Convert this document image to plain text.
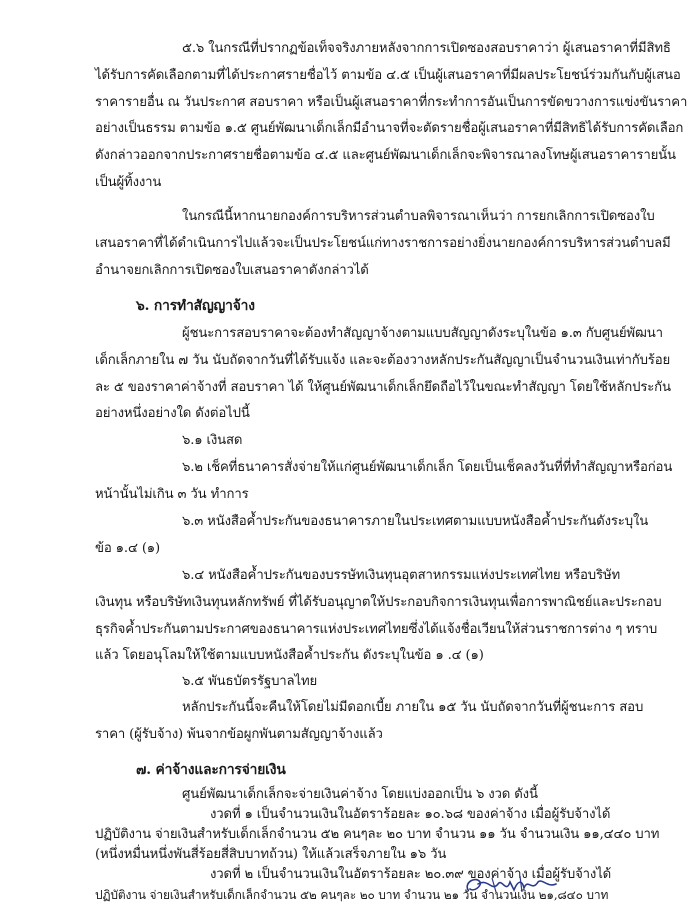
๕.๖ ในกรณีที่ปรากฏข้อเท็จจริงภายหลังจากการเปิดซองสอบราคาว่า ผู้เสนอราคาที่มีสิทธิ
ได้รับการคัดเลือกตามที่ได้ประกาศรายชื่อไว้ ตามข้อ ๔.๕ เป็นผู้เสนอราคาที่มีผลประโยชน์ร่วมกันกับผู้เสนอ
ราคารายอื่น ณ วันประกาศ สอบราคา หรือเป็นผู้เสนอราคาที่กระทำการอันเป็นการขัดขวางการแข่งขันราคา
อย่างเป็นธรรม ตามข้อ ๑.๕ ศูนย์พัฒนาเด็กเล็กมีอำนาจที่จะตัดรายชื่อผู้เสนอราคาที่มีสิทธิได้รับการคัดเลือก
ดังกล่าวออกจากประกาศรายชื่อตามข้อ ๔.๕ และศูนย์พัฒนาเด็กเล็กจะพิจารณาลงโทษผู้เสนอราคารายนั้น
เป็นผู้ทิ้งงาน
ในกรณีนี้หากนายกองค์การบริหารส่วนตำบลพิจารณาเห็นว่า การยกเลิกการเปิดซองใบ
เสนอราคาที่ได้ดำเนินการไปแล้วจะเป็นประโยชน์แก่ทางราชการอย่างยิ่งนายกองค์การบริหารส่วนตำบลมี
อำนาจยกเลิกการเปิดซองใบเสนอราคาดังกล่าวได้
๖. การทำสัญญาจ้าง
ผู้ชนะการสอบราคาจะต้องทำสัญญาจ้างตามแบบสัญญาดังระบุในข้อ ๑.๓ กับศูนย์พัฒนา
เด็กเล็กภายใน ๗ วัน นับถัดจากวันที่ได้รับแจ้ง และจะต้องวางหลักประกันสัญญาเป็นจำนวนเงินเท่ากับร้อย
ละ ๕ ของราคาค่าจ้างที่ สอบราคา ได้ ให้ศูนย์พัฒนาเด็กเล็กยึดถือไว้ในขณะทำสัญญา โดยใช้หลักประกัน
อย่างหนึ่งอย่างใด ดังต่อไปนี้
๖.๑ เงินสด
๖.๒ เช็คที่ธนาคารสั่งจ่ายให้แก่ศูนย์พัฒนาเด็กเล็ก โดยเป็นเช็คลงวันที่ที่ทำสัญญาหรือก่อน
หน้านั้นไม่เกิน ๓ วัน ทำการ
๖.๓ หนังสือค้ำประกันของธนาคารภายในประเทศตามแบบหนังสือค้ำประกันดังระบุใน
ข้อ ๑.๔ (๑)
๖.๔ หนังสือค้ำประกันของบรรษัทเงินทุนอุตสาหกรรมแห่งประเทศไทย หรือบริษัท
เงินทุน หรือบริษัทเงินทุนหลักทรัพย์ ที่ได้รับอนุญาตให้ประกอบกิจการเงินทุนเพื่อการพาณิชย์และประกอบ
ธุรกิจค้ำประกันตามประกาศของธนาคารแห่งประเทศไทยซึ่งได้แจ้งชื่อเวียนให้ส่วนราชการต่าง ๆ ทราบ
แล้ว โดยอนุโลมให้ใช้ตามแบบหนังสือค้ำประกัน ดังระบุในข้อ ๑ .๔ (๑)
๖.๕ พันธบัตรรัฐบาลไทย
หลักประกันนี้จะคืนให้โดยไม่มีดอกเบี้ย ภายใน ๑๕ วัน นับถัดจากวันที่ผู้ชนะการ สอบ
ราคา (ผู้รับจ้าง) พ้นจากข้อผูกพันตามสัญญาจ้างแล้ว
๗. ค่าจ้างและการจ่ายเงิน
ศูนย์พัฒนาเด็กเล็กจะจ่ายเงินค่าจ้าง โดยแบ่งออกเป็น ๖ งวด ดังนี้
งวดที่ ๑ เป็นจำนวนเงินในอัตราร้อยละ ๑๐.๖๘ ของค่าจ้าง เมื่อผู้รับจ้างได้
ปฏิบัติงาน จ่ายเงินสำหรับเด็กเล็กจำนวน ๕๒ คนๆละ ๒๐ บาท จำนวน ๑๑ วัน จำนวนเงิน ๑๑,๔๔๐ บาท
(หนึ่งหมื่นหนึ่งพันสี่ร้อยสี่สิบบาทถ้วน) ให้แล้วเสร็จภายใน ๑๖ วัน
งวดที่ ๒ เป็นจำนวนเงินในอัตราร้อยละ ๒๐.๓๙ ของค่าจ้าง เมื่อผู้รับจ้างได้
ปฏิบัติงาน จ่ายเงินสำหรับเด็กเล็กจำนวน ๕๒ คนๆละ ๒๐ บาท จำนวน ๒๑ วัน จำนวนเงิน ๒๑,๘๔๐ บาท
